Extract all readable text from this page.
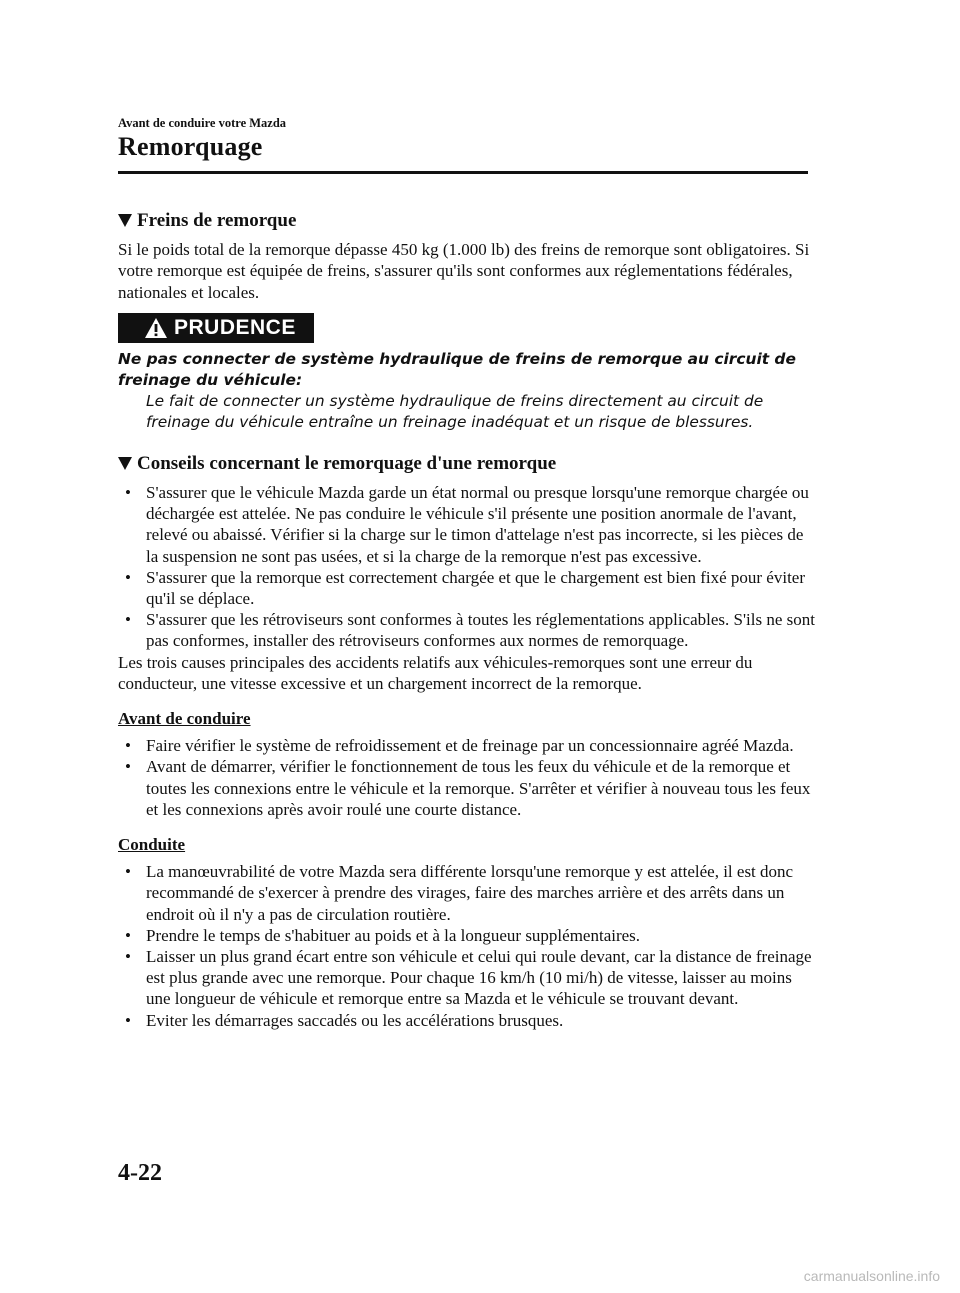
Avant de conduire votre Mazda
Remorquage
Freins de remorque

Si le poids total de la remorque dépasse 450 kg (1.000 lb) des freins de remorque sont obligatoires. Si votre remorque est équipée de freins, s'assurer qu'ils sont conformes aux réglementations fédérales, nationales et locales.

PRUDENCE

Ne pas connecter de système hydraulique de freins de remorque au circuit de freinage du véhicule:

Le fait de connecter un système hydraulique de freins directement au circuit de freinage du véhicule entraîne un freinage inadéquat et un risque de blessures.

Conseils concernant le remorquage d'une remorque
• S'assurer que le véhicule Mazda garde un état normal ou presque lorsqu'une remorque chargée ou déchargée est attelée. Ne pas conduire le véhicule s'il présente une position anormale de l'avant, relevé ou abaissé. Vérifier si la charge sur le timon d'attelage n'est pas incorrecte, si les pièces de la suspension ne sont pas usées, et si la charge de la remorque n'est pas excessive.
• S'assurer que la remorque est correctement chargée et que le chargement est bien fixé pour éviter qu'il se déplace.
• S'assurer que les rétroviseurs sont conformes à toutes les réglementations applicables. S'ils ne sont pas conformes, installer des rétroviseurs conformes aux normes de remorquage.

Les trois causes principales des accidents relatifs aux véhicules-remorques sont une erreur du conducteur, une vitesse excessive et un chargement incorrect de la remorque.

Avant de conduire
• Faire vérifier le système de refroidissement et de freinage par un concessionnaire agréé Mazda.
• Avant de démarrer, vérifier le fonctionnement de tous les feux du véhicule et de la remorque et toutes les connexions entre le véhicule et la remorque. S'arrêter et vérifier à nouveau tous les feux et les connexions après avoir roulé une courte distance.
Conduite
• La manœuvrabilité de votre Mazda sera différente lorsqu'une remorque y est attelée, il est donc recommandé de s'exercer à prendre des virages, faire des marches arrière et des arrêts dans un endroit où il n'y a pas de circulation routière.
• Prendre le temps de s'habituer au poids et à la longueur supplémentaires.
• Laisser un plus grand écart entre son véhicule et celui qui roule devant, car la distance de freinage est plus grande avec une remorque. Pour chaque 16 km/h (10 mi/h) de vitesse, laisser au moins une longueur de véhicule et remorque entre sa Mazda et le véhicule se trouvant devant.
• Eviter les démarrages saccadés ou les accélérations brusques.
4-22
carmanualsonline.info
